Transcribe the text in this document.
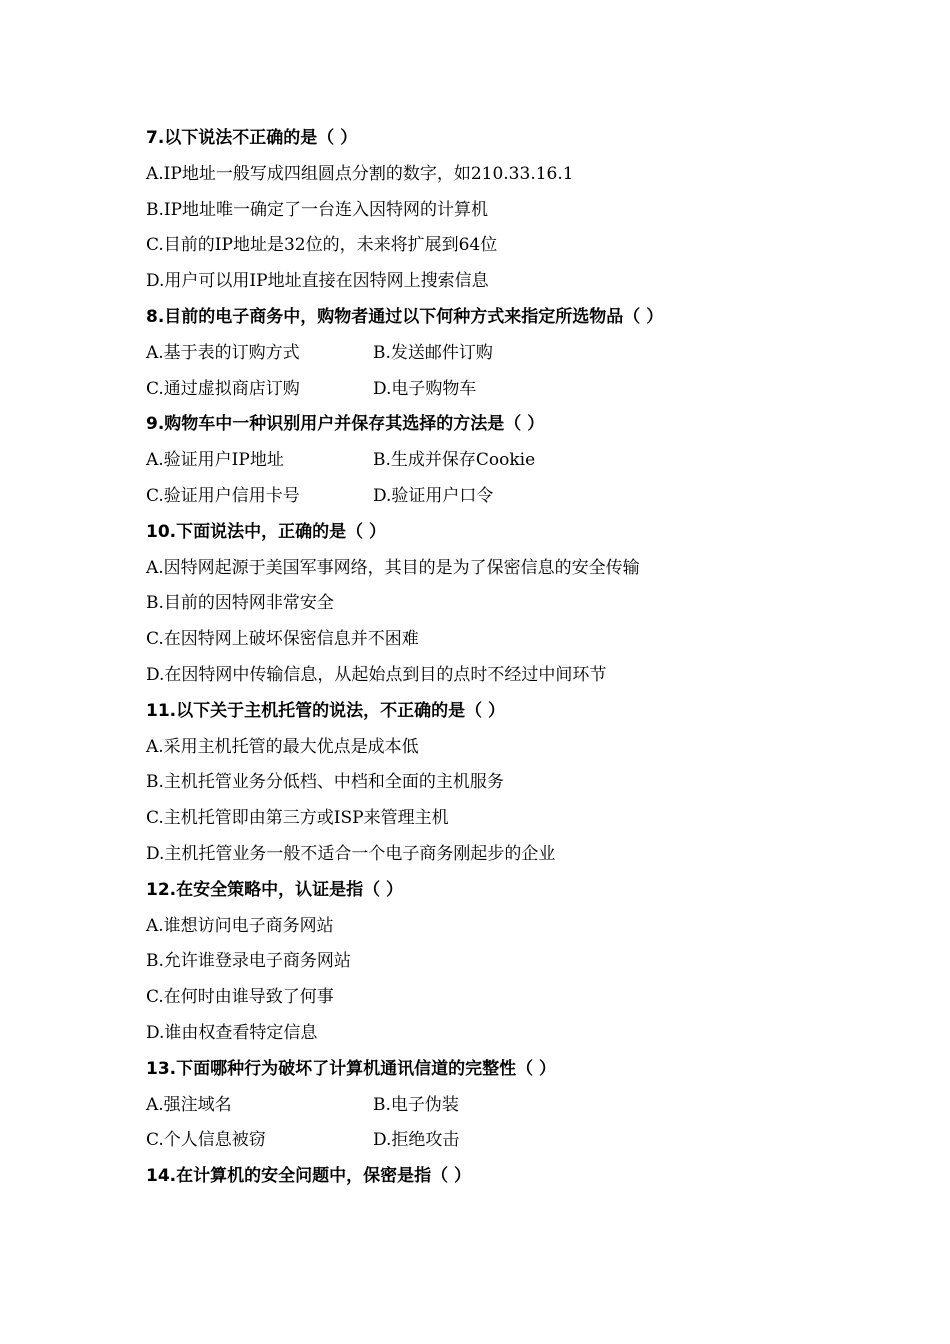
7.以下说法不正确的是（ ）
A.IP地址一般写成四组圆点分割的数字，如210.33.16.1
B.IP地址唯一确定了一台连入因特网的计算机
C.目前的IP地址是32位的，未来将扩展到64位
D.用户可以用IP地址直接在因特网上搜索信息
8.目前的电子商务中，购物者通过以下何种方式来指定所选物品（ ）
A.基于表的订购方式	B.发送邮件订购
C.通过虚拟商店订购	D.电子购物车
9.购物车中一种识别用户并保存其选择的方法是（ ）
A.验证用户IP地址	B.生成并保存Cookie
C.验证用户信用卡号	D.验证用户口令
10.下面说法中，正确的是（ ）
A.因特网起源于美国军事网络，其目的是为了保密信息的安全传输
B.目前的因特网非常安全
C.在因特网上破坏保密信息并不困难
D.在因特网中传输信息，从起始点到目的点时不经过中间环节
11.以下关于主机托管的说法，不正确的是（ ）
A.采用主机托管的最大优点是成本低
B.主机托管业务分低档、中档和全面的主机服务
C.主机托管即由第三方或ISP来管理主机
D.主机托管业务一般不适合一个电子商务刚起步的企业
12.在安全策略中，认证是指（ ）
A.谁想访问电子商务网站
B.允许谁登录电子商务网站
C.在何时由谁导致了何事
D.谁由权查看特定信息
13.下面哪种行为破坏了计算机通讯信道的完整性（ ）
A.强注域名	B.电子伪装
C.个人信息被窃	D.拒绝攻击
14.在计算机的安全问题中，保密是指（ ）
